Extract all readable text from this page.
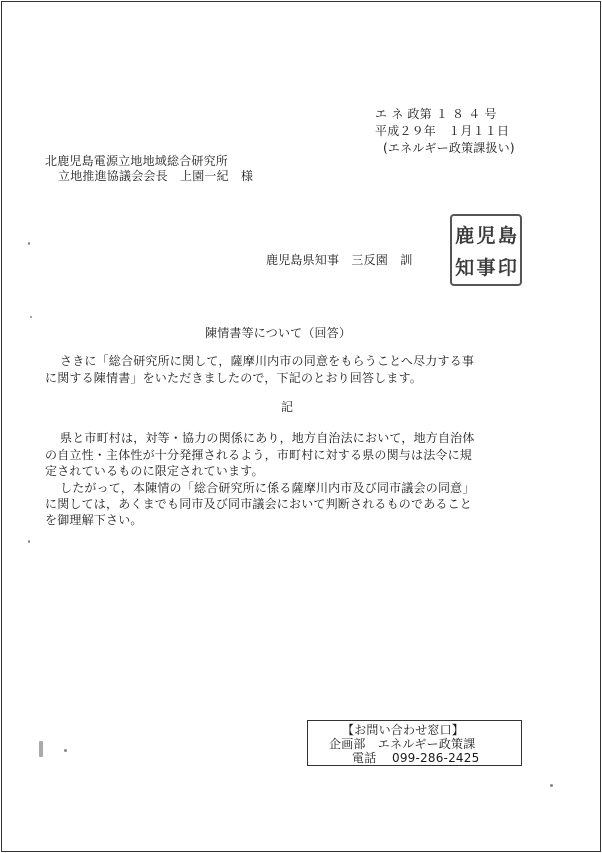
エ ネ 政第 １ ８ ４ 号
平成２９年　１月１１日
(エネルギー政策課扱い)
北鹿児島電源立地地域総合研究所
立地推進協議会会長　上園一紀　様
鹿児島県知事　三反園　訓
鹿 児 島
知 事 印
陳情書等について（回答）
さきに「総合研究所に関して，薩摩川内市の同意をもらうことへ尽力する事
に関する陳情書」をいただきましたので，下記のとおり回答します。
記
県と市町村は，対等・協力の関係にあり，地方自治法において，地方自治体
の自立性・主体性が十分発揮されるよう，市町村に対する県の関与は法令に規
定されているものに限定されています。
したがって，本陳情の「総合研究所に係る薩摩川内市及び同市議会の同意」
に関しては，あくまでも同市及び同市議会において判断されるものであること
を御理解下さい。
【お問い合わせ窓口】
企画部　エネルギー政策課
電話 099-286-2425
